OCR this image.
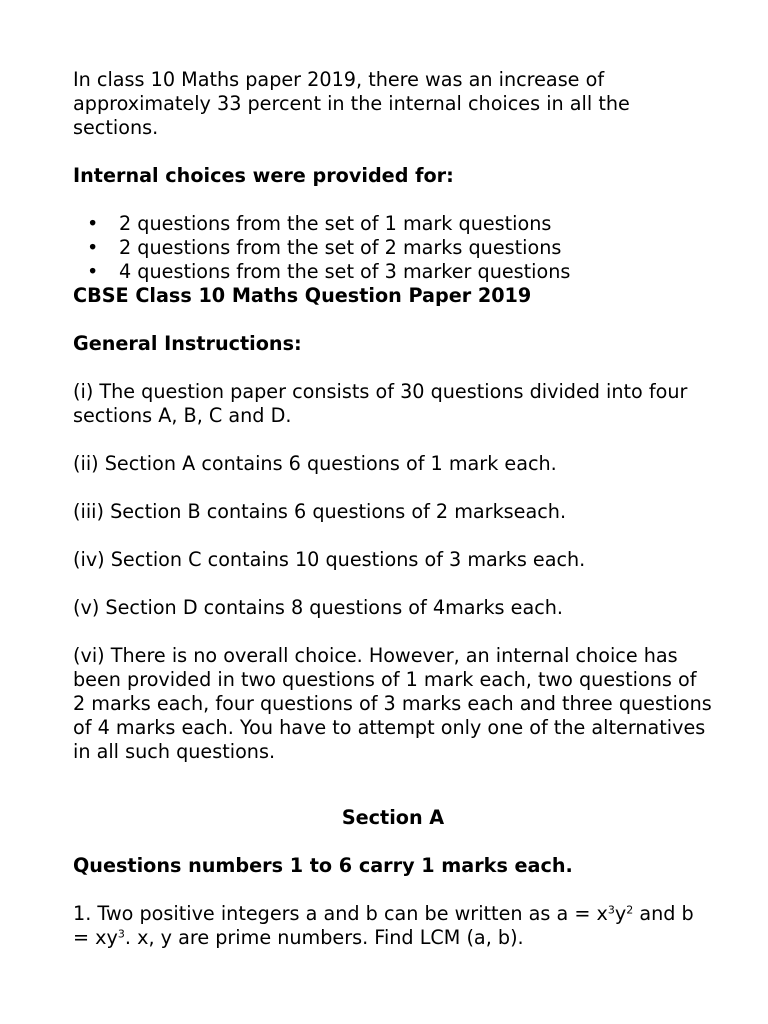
In class 10 Maths paper 2019, there was an increase of approximately 33 percent in the internal choices in all the sections.

Internal choices were provided for:

• 2 questions from the set of 1 mark questions
• 2 questions from the set of 2 marks questions
• 4 questions from the set of 3 marker questions

CBSE Class 10 Maths Question Paper 2019

General Instructions:

(i) The question paper consists of 30 questions divided into four sections A, B, C and D.

(ii) Section A contains 6 questions of 1 mark each.

(iii) Section B contains 6 questions of 2 markseach.

(iv) Section C contains 10 questions of 3 marks each.

(v) Section D contains 8 questions of 4marks each.

(vi) There is no overall choice. However, an internal choice has been provided in two questions of 1 mark each, two questions of 2 marks each, four questions of 3 marks each and three questions of 4 marks each. You have to attempt only one of the alternatives in all such questions.

Section A

Questions numbers 1 to 6 carry 1 marks each.

1. Two positive integers a and b can be written as $a = x^3y^2$ and $b = xy^3$. x, y are prime numbers. Find LCM (a, b).
